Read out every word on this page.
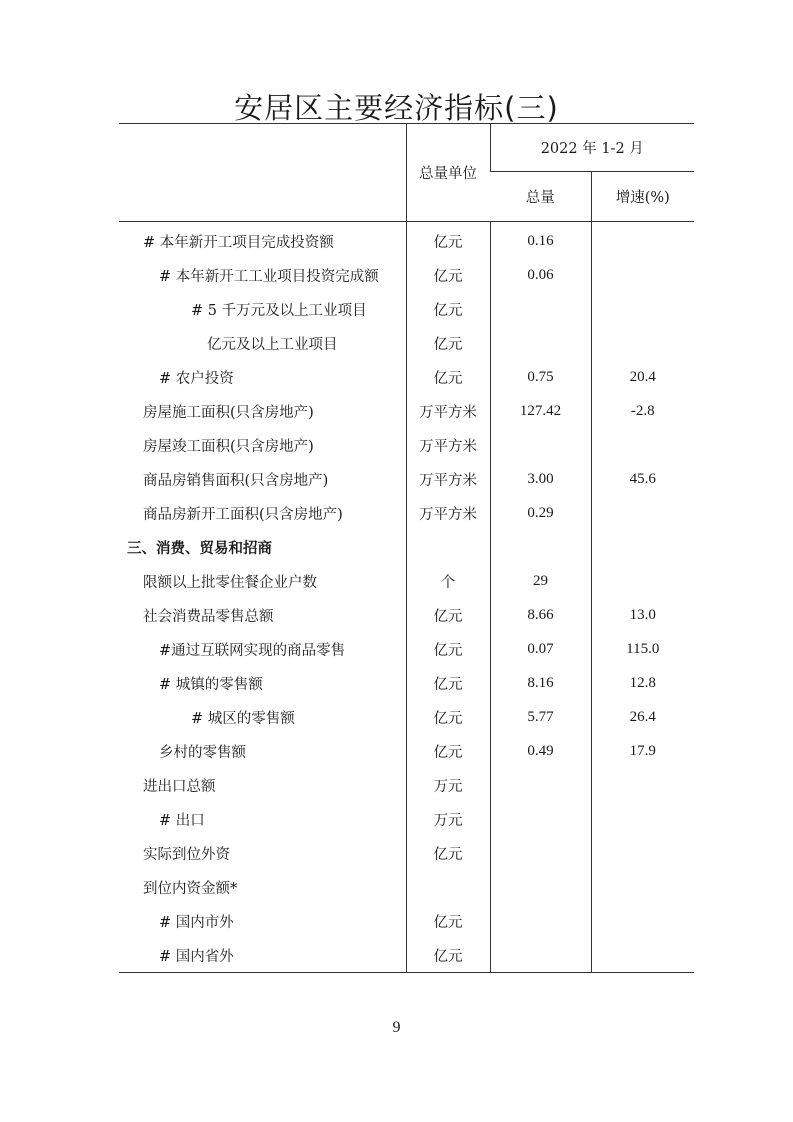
安居区主要经济指标(三)
	总量单位	2022 年 1-2 月	
		总量	增速(%)
# 本年新开工项目完成投资额	亿元	0.16	
# 本年新开工工业项目投资完成额	亿元	0.06	
# 5 千万元及以上工业项目	亿元		
亿元及以上工业项目	亿元		
# 农户投资	亿元	0.75	20.4
房屋施工面积(只含房地产)	万平方米	127.42	-2.8
房屋竣工面积(只含房地产)	万平方米		
商品房销售面积(只含房地产)	万平方米	3.00	45.6
商品房新开工面积(只含房地产)	万平方米	0.29	
三、消费、贸易和招商			
限额以上批零住餐企业户数	个	29	
社会消费品零售总额	亿元	8.66	13.0
#通过互联网实现的商品零售	亿元	0.07	115.0
# 城镇的零售额	亿元	8.16	12.8
# 城区的零售额	亿元	5.77	26.4
乡村的零售额	亿元	0.49	17.9
进出口总额	万元		
# 出口	万元		
实际到位外资	亿元		
到位内资金额*			
# 国内市外	亿元		
# 国内省外	亿元		
9
